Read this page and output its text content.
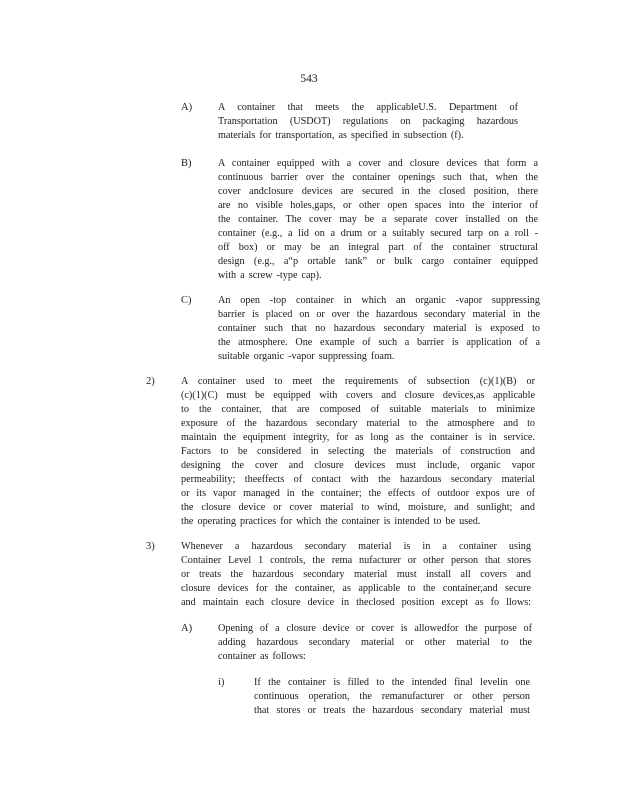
543
A)	A container that meets the applicableU.S. Department of
Transportation (USDOT) regulations on packaging hazardous
materials for transportation, as specified in subsection (f).
B)	A container equipped with a cover and closure devices that form a
continuous barrier over the container openings such that, when the
cover andclosure devices are secured in the closed position, there
are no visible holes,gaps, or other open spaces into the interior of
the container. The cover may be a separate cover installed on the
container (e.g., a lid on a drum or a suitably secured tarp on a roll -
off box) or may be an integral part of the container structural
design (e.g., a“p ortable tank” or bulk cargo container equipped
with a screw -type cap).
C)	An open -top container in which an organic -vapor suppressing
barrier is placed on or over the hazardous secondary material in the
container such that no hazardous secondary material is exposed to
the atmosphere. One example of such a barrier is application of a
suitable organic -vapor suppressing foam.
2)	A container used to meet the requirements of subsection (c)(1)(B) or
(c)(1)(C) must be equipped with covers and closure devices,as applicable
to the container, that are composed of suitable materials to minimize
exposure of the hazardous secondary material to the atmosphere and to
maintain the equipment integrity, for as long as the container is in service.
Factors to be considered in selecting the materials of construction and
designing the cover and closure devices must include, organic vapor
permeability; theeffects of contact with the hazardous secondary material
or its vapor managed in the container; the effects of outdoor expos ure of
the closure device or cover material to wind, moisture, and sunlight; and
the operating practices for which the container is intended to be used.
3)	Whenever a hazardous secondary material is in a container using
Container Level 1 controls, the rema nufacturer or other person that stores
or treats the hazardous secondary material must install all covers and
closure devices for the container, as applicable to the container,and secure
and maintain each closure device in theclosed position except as fo llows:
A)	Opening of a closure device or cover is allowedfor the purpose of
adding hazardous secondary material or other material to the
container as follows:
i)	If the container is filled to the intended final levelin one
continuous operation, the remanufacturer or other person
that stores or treats the hazardous secondary material must
